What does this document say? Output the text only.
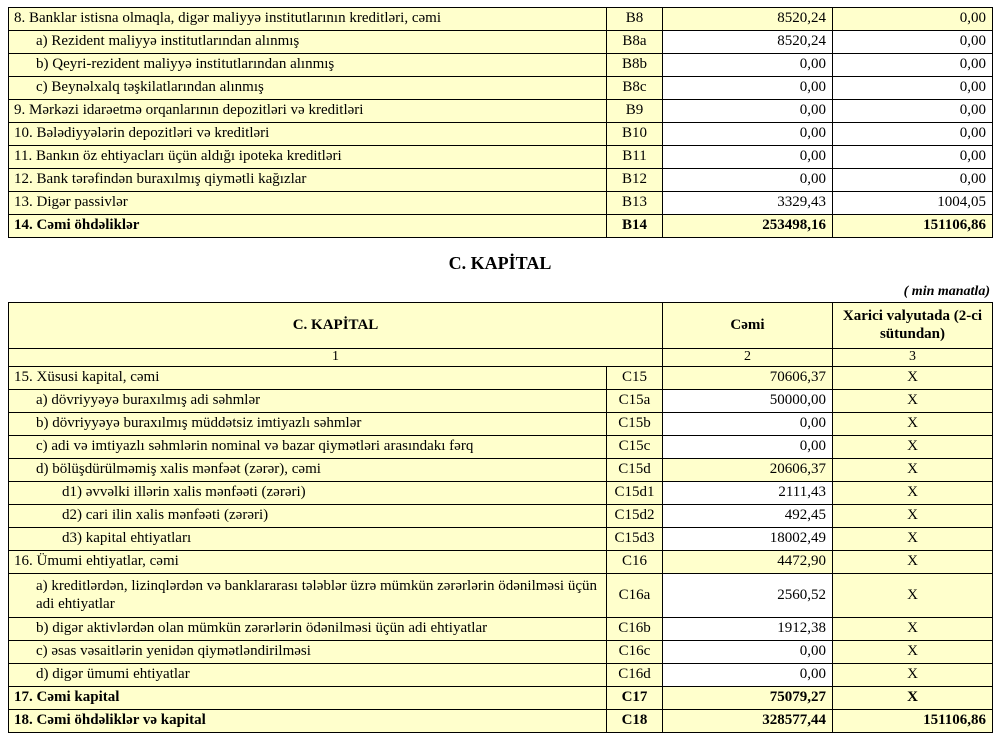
8. Banklar istisna olmaqla, digər maliyyə institutlarının kreditləri, cəmi	B8	8520,24	0,00
a) Rezident maliyyə institutlarından alınmış	B8a	8520,24	0,00
b) Qeyri-rezident maliyyə institutlarından alınmış	B8b	0,00	0,00
c) Beynəlxalq təşkilatlarından alınmış	B8c	0,00	0,00
9. Mərkəzi idarəetmə orqanlarının depozitləri və kreditləri	B9	0,00	0,00
10. Bələdiyyələrin depozitləri və kreditləri	B10	0,00	0,00
11. Bankın öz ehtiyacları üçün aldığı ipoteka kreditləri	B11	0,00	0,00
12. Bank tərəfindən buraxılmış qiymətli kağızlar	B12	0,00	0,00
13. Digər passivlər	B13	3329,43	1004,05
14. Cəmi öhdəliklər	B14	253498,16	151106,86
C. KAPİTAL
( min manatla)
C. KAPİTAL		Cəmi	Xarici valyutada (2-ci sütundan)
1		2	3
15. Xüsusi kapital, cəmi	C15	70606,37	X
a) dövriyyəyə buraxılmış adi səhmlər	C15a	50000,00	X
b) dövriyyəyə buraxılmış müddətsiz imtiyazlı səhmlər	C15b	0,00	X
c) adi və imtiyazlı səhmlərin nominal və bazar qiymətləri arasındakı fərq	C15c	0,00	X
d) bölüşdürülməmiş xalis mənfəət (zərər), cəmi	C15d	20606,37	X
d1) əvvəlki illərin xalis mənfəəti (zərəri)	C15d1	2111,43	X
d2) cari ilin xalis mənfəəti (zərəri)	C15d2	492,45	X
d3) kapital ehtiyatları	C15d3	18002,49	X
16. Ümumi ehtiyatlar, cəmi	C16	4472,90	X
a) kreditlərdən, lizinqlərdən və banklararası tələblər üzrə mümkün zərərlərin ödənilməsi üçün adi ehtiyatlar	C16a	2560,52	X
b) digər aktivlərdən olan mümkün zərərlərin ödənilməsi üçün adi ehtiyatlar	C16b	1912,38	X
c) əsas vəsaitlərin yenidən qiymətləndirilməsi	C16c	0,00	X
d) digər ümumi ehtiyatlar	C16d	0,00	X
17. Cəmi kapital	C17	75079,27	X
18. Cəmi öhdəliklər və kapital	C18	328577,44	151106,86
